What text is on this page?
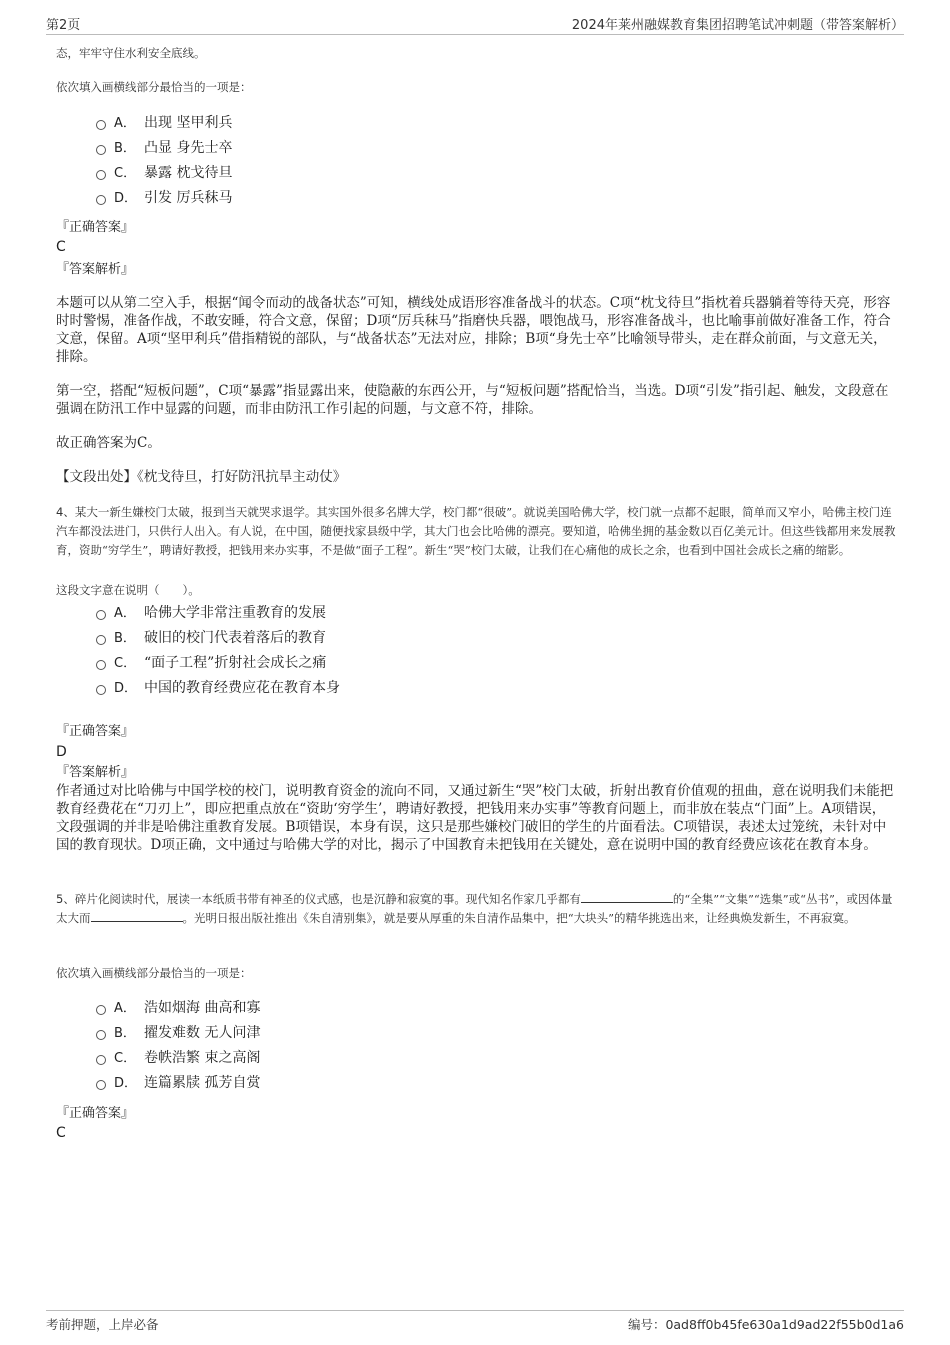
第2页	2024年莱州融媒教育集团招聘笔试冲刺题（带答案解析）
态，牢牢守住水利安全底线。
依次填入画横线部分最恰当的一项是：
A． 出现 坚甲利兵
B． 凸显 身先士卒
C． 暴露 枕戈待旦
D． 引发 厉兵秣马
『正确答案』
C
『答案解析』
本题可以从第二空入手，根据“闻令而动的战备状态”可知，横线处成语形容准备战斗的状态。C项“枕戈待旦”指枕着兵器躺着等待天亮，形容时时警惕，准备作战，不敢安睡，符合文意，保留；D项“厉兵秣马”指磨快兵器，喂饱战马，形容准备战斗，也比喻事前做好准备工作，符合文意，保留。A项“坚甲利兵”借指精锐的部队，与“战备状态”无法对应，排除；B项“身先士卒”比喻领导带头，走在群众前面，与文意无关，排除。
第一空，搭配“短板问题”，C项“暴露”指显露出来，使隐蔽的东西公开，与“短板问题”搭配恰当，当选。D项“引发”指引起、触发，文段意在强调在防汛工作中显露的问题，而非由防汛工作引起的问题，与文意不符，排除。
故正确答案为C。
【文段出处】《枕戈待旦，打好防汛抗旱主动仗》
4、某大一新生嫌校门太破，报到当天就哭求退学。其实国外很多名牌大学，校门都“很破”。就说美国哈佛大学，校门就一点都不起眼，简单而又窄小，哈佛主校门连汽车都没法进门，只供行人出入。有人说，在中国，随便找家县级中学，其大门也会比哈佛的漂亮。要知道，哈佛坐拥的基金数以百亿美元计。但这些钱都用来发展教育，资助“穷学生”，聘请好教授，把钱用来办实事，不是做“面子工程”。新生“哭”校门太破，让我们在心痛他的成长之余，也看到中国社会成长之痛的缩影。
这段文字意在说明（　　）。
A． 哈佛大学非常注重教育的发展
B． 破旧的校门代表着落后的教育
C． “面子工程”折射社会成长之痛
D． 中国的教育经费应花在教育本身
『正确答案』
D
『答案解析』
作者通过对比哈佛与中国学校的校门，说明教育资金的流向不同，又通过新生“哭”校门太破，折射出教育价值观的扭曲，意在说明我们未能把教育经费花在“刀刃上”，即应把重点放在“资助‘穷学生’，聘请好教授，把钱用来办实事”等教育问题上，而非放在装点“门面”上。A项错误，文段强调的并非是哈佛注重教育发展。B项错误，本身有误，这只是那些嫌校门破旧的学生的片面看法。C项错误，表述太过笼统，未针对中国的教育现状。D项正确，文中通过与哈佛大学的对比，揭示了中国教育未把钱用在关键处，意在说明中国的教育经费应该花在教育本身。
5、碎片化阅读时代，展读一本纸质书带有神圣的仪式感，也是沉静和寂寞的事。现代知名作家几乎都有	的“全集”“文集”“选集”或“丛书”，或因体量太大而	。光明日报出版社推出《朱自清别集》，就是要从厚重的朱自清作品集中，把“大块头”的精华挑选出来，让经典焕发新生，不再寂寞。
依次填入画横线部分最恰当的一项是：
A． 浩如烟海 曲高和寡
B． 擢发难数 无人问津
C． 卷帙浩繁 束之高阁
D． 连篇累牍 孤芳自赏
『正确答案』
C
考前押题，上岸必备	编号：0ad8ff0b45fe630a1d9ad22f55b0d1a6
